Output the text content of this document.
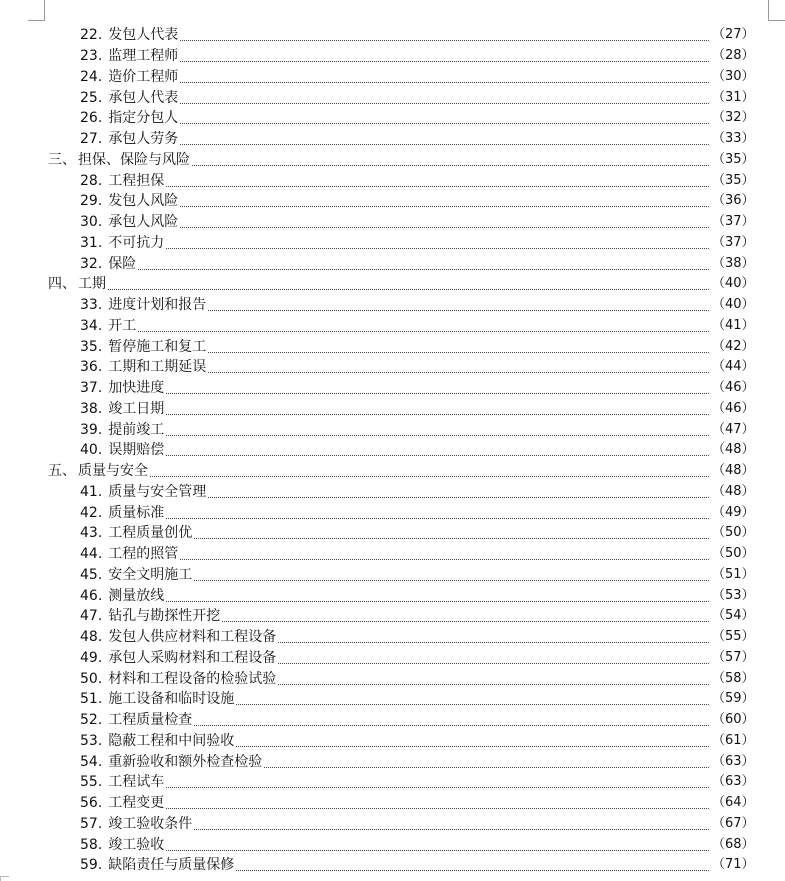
22. 发包人代表	（27）
23. 监理工程师	（28）
24. 造价工程师	（30）
25. 承包人代表	（31）
26. 指定分包人	（32）
27. 承包人劳务	（33）
三、 担保、保险与风险	（35）
28. 工程担保	（35）
29. 发包人风险	（36）
30. 承包人风险	（37）
31. 不可抗力	（37）
32. 保险	（38）
四、 工期	（40）
33. 进度计划和报告	（40）
34. 开工	（41）
35. 暂停施工和复工	（42）
36. 工期和工期延误	（44）
37. 加快进度	（46）
38. 竣工日期	（46）
39. 提前竣工	（47）
40. 误期赔偿	（48）
五、 质量与安全	（48）
41. 质量与安全管理	（48）
42. 质量标准	（49）
43. 工程质量创优	（50）
44. 工程的照管	（50）
45. 安全文明施工	（51）
46. 测量放线	（53）
47. 钻孔与勘探性开挖	（54）
48. 发包人供应材料和工程设备	（55）
49. 承包人采购材料和工程设备	（57）
50. 材料和工程设备的检验试验	（58）
51. 施工设备和临时设施	（59）
52. 工程质量检查	（60）
53. 隐蔽工程和中间验收	（61）
54. 重新验收和额外检查检验	（63）
55. 工程试车	（63）
56. 工程变更	（64）
57. 竣工验收条件	（67）
58. 竣工验收	（68）
59. 缺陷责任与质量保修	（71）
